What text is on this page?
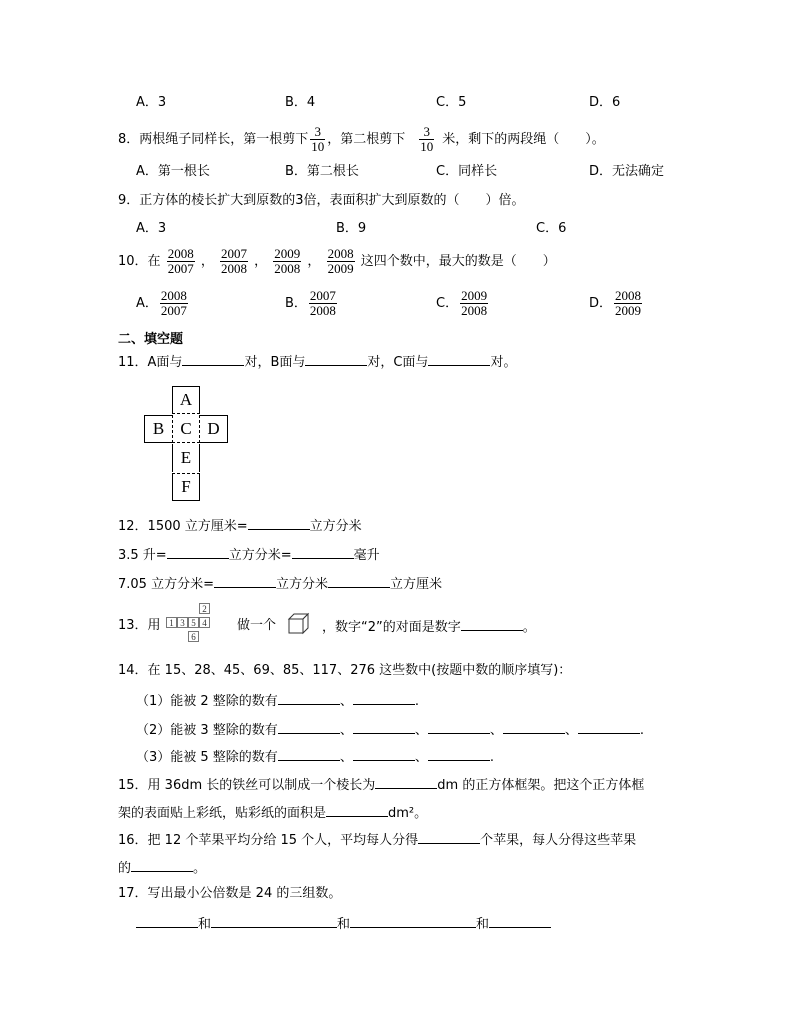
A．3	B．4	C．5	D．6
8．两根绳子同样长，第一根剪下 $\frac{3}{10}$ ，第二根剪下 $\frac{3}{10}$ 米，剩下的两段绳（　　）。
A．第一根长	B．第二根长	C．同样长	D．无法确定
9．正方体的棱长扩大到原数的3倍，表面积扩大到原数的（　　）倍。
A．3	B．9	C．6
10．在 $\frac{2008}{2007}$ ， $\frac{2007}{2008}$ ， $\frac{2009}{2008}$ ， $\frac{2008}{2009}$ 这四个数中，最大的数是（　　）
A． $\frac{2008}{2007}$	B． $\frac{2007}{2008}$	C． $\frac{2009}{2008}$	D． $\frac{2008}{2009}$
二、填空题
11．A面与	对，B面与	对，C面与	对。
A
B C D
E
F
12．1500 立方厘米=	立方分米
3.5 升=	立方分米=	毫升
7.05 立方分米=	立方分米	立方厘米
13．用
2
1 3 5 4
6
做一个	，数字“2”的对面是数字	。
14．在 15、28、45、69、85、117、276 这些数中(按题中数的顺序填写)：
（1）能被 2 整除的数有	、	.
（2）能被 3 整除的数有	、	、	、	、	.
（3）能被 5 整除的数有	、	、	.
15．用 36dm 长的铁丝可以制成一个棱长为	dm 的正方体框架。把这个正方体框
架的表面贴上彩纸，贴彩纸的面积是	dm²。
16．把 12 个苹果平均分给 15 个人，平均每人分得	个苹果，每人分得这些苹果
的	。
17．写出最小公倍数是 24 的三组数。
和	和	和
